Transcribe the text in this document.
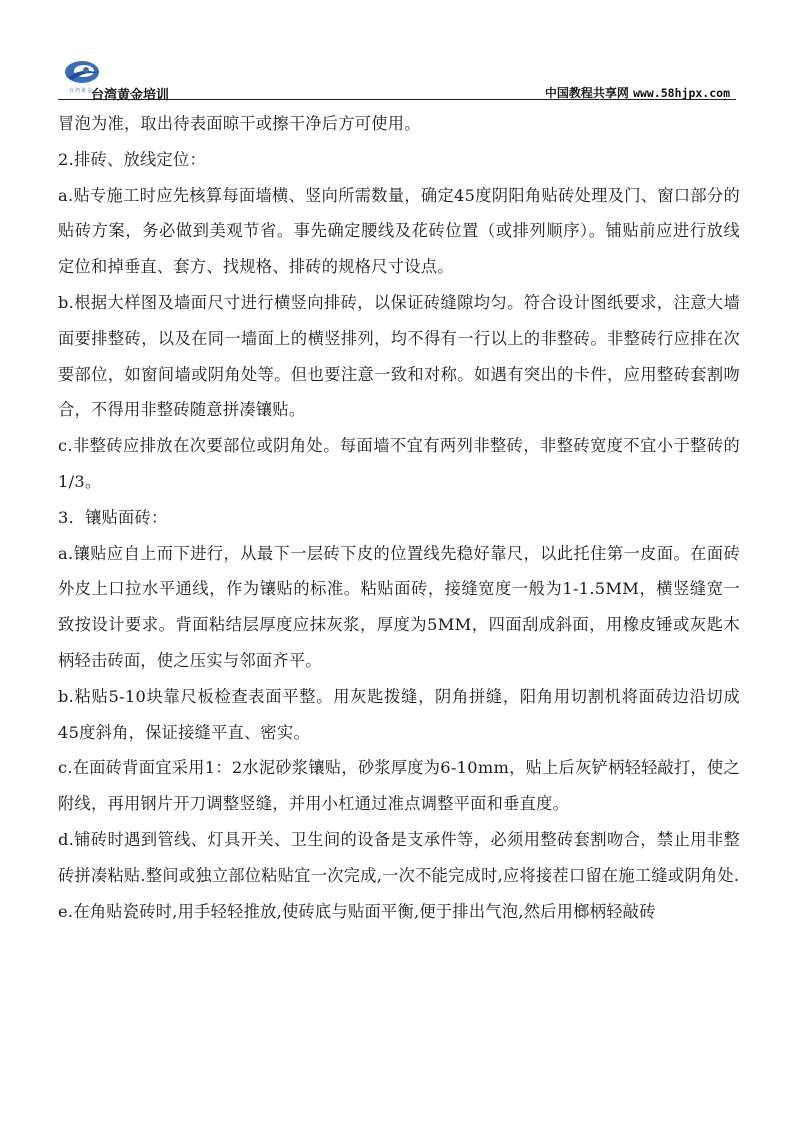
台湾黄金
台湾黄金培训	中国教程共享网 www.58hjpx.com

冒泡为准，取出待表面晾干或擦干净后方可使用。

2.排砖、放线定位：

a.贴专施工时应先核算每面墙横、竖向所需数量，确定45度阴阳角贴砖处理及门、窗口部分的贴砖方案，务必做到美观节省。事先确定腰线及花砖位置（或排列顺序）。铺贴前应进行放线定位和掉垂直、套方、找规格、排砖的规格尺寸设点。

b.根据大样图及墙面尺寸进行横竖向排砖，以保证砖缝隙均匀。符合设计图纸要求，注意大墙面要排整砖，以及在同一墙面上的横竖排列，均不得有一行以上的非整砖。非整砖行应排在次要部位，如窗间墙或阴角处等。但也要注意一致和对称。如遇有突出的卡件，应用整砖套割吻合，不得用非整砖随意拼凑镶贴。

c.非整砖应排放在次要部位或阴角处。每面墙不宜有两列非整砖，非整砖宽度不宜小于整砖的1/3。

3．镶贴面砖：

a.镶贴应自上而下进行，从最下一层砖下皮的位置线先稳好靠尺，以此托住第一皮面。在面砖外皮上口拉水平通线，作为镶贴的标准。粘贴面砖，接缝宽度一般为1-1.5MM，横竖缝宽一致按设计要求。背面粘结层厚度应抹灰浆，厚度为5MM，四面刮成斜面，用橡皮锤或灰匙木柄轻击砖面，使之压实与邻面齐平。

b.粘贴5-10块靠尺板检查表面平整。用灰匙拨缝，阴角拼缝，阳角用切割机将面砖边沿切成45度斜角，保证接缝平直、密实。

c.在面砖背面宜采用1：2水泥砂浆镶贴，砂浆厚度为6-10mm，贴上后灰铲柄轻轻敲打，使之附线，再用钢片开刀调整竖缝，并用小杠通过准点调整平面和垂直度。

d.铺砖时遇到管线、灯具开关、卫生间的设备是支承件等，必须用整砖套割吻合，禁止用非整砖拼凑粘贴.整间或独立部位粘贴宜一次完成,一次不能完成时,应将接茬口留在施工缝或阴角处.

e.在角贴瓷砖时,用手轻轻推放,使砖底与贴面平衡,便于排出气泡,然后用榔柄轻敲砖
